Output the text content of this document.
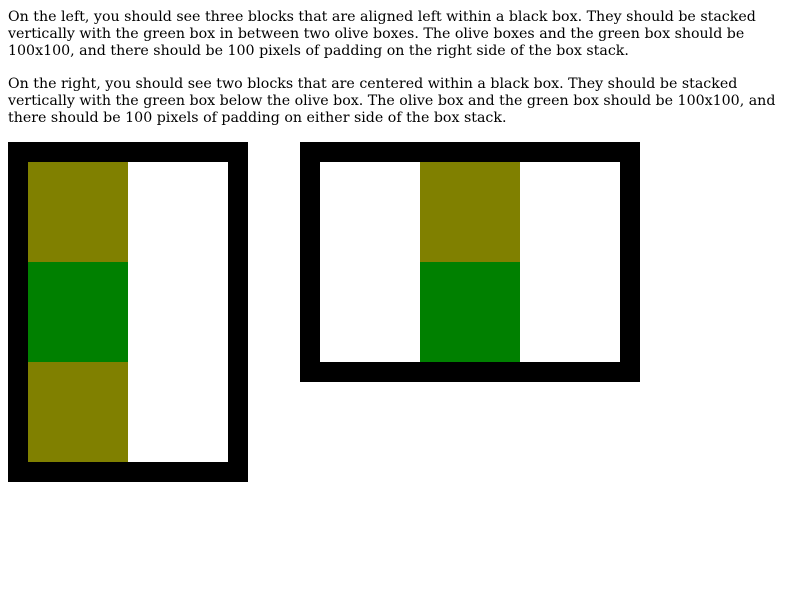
On the left, you should see three blocks that are aligned left within a black box. They should be stacked vertically with the green box in between two olive boxes. The olive boxes and the green box should be 100x100, and there should be 100 pixels of padding on the right side of the box stack.

On the right, you should see two blocks that are centered within a black box. They should be stacked vertically with the green box below the olive box. The olive box and the green box should be 100x100, and there should be 100 pixels of padding on either side of the box stack.
